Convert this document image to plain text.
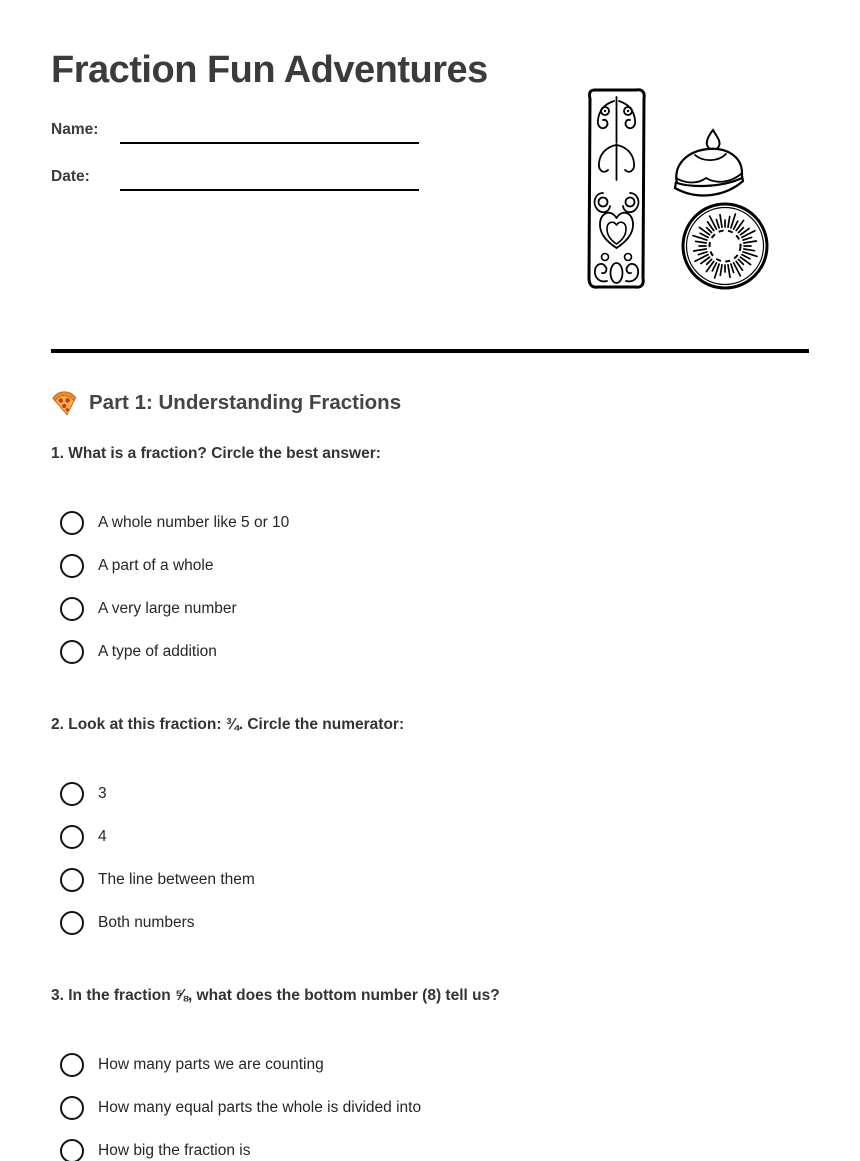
Fraction Fun Adventures
Name:
Date:
Part 1: Understanding Fractions

1. What is a fraction? Circle the best answer:

A whole number like 5 or 10
A part of a whole
A very large number
A type of addition

2. Look at this fraction: ¾. Circle the numerator:

3
4
The line between them
Both numbers

3. In the fraction ⅝, what does the bottom number (8) tell us?

How many parts we are counting
How many equal parts the whole is divided into
How big the fraction is
